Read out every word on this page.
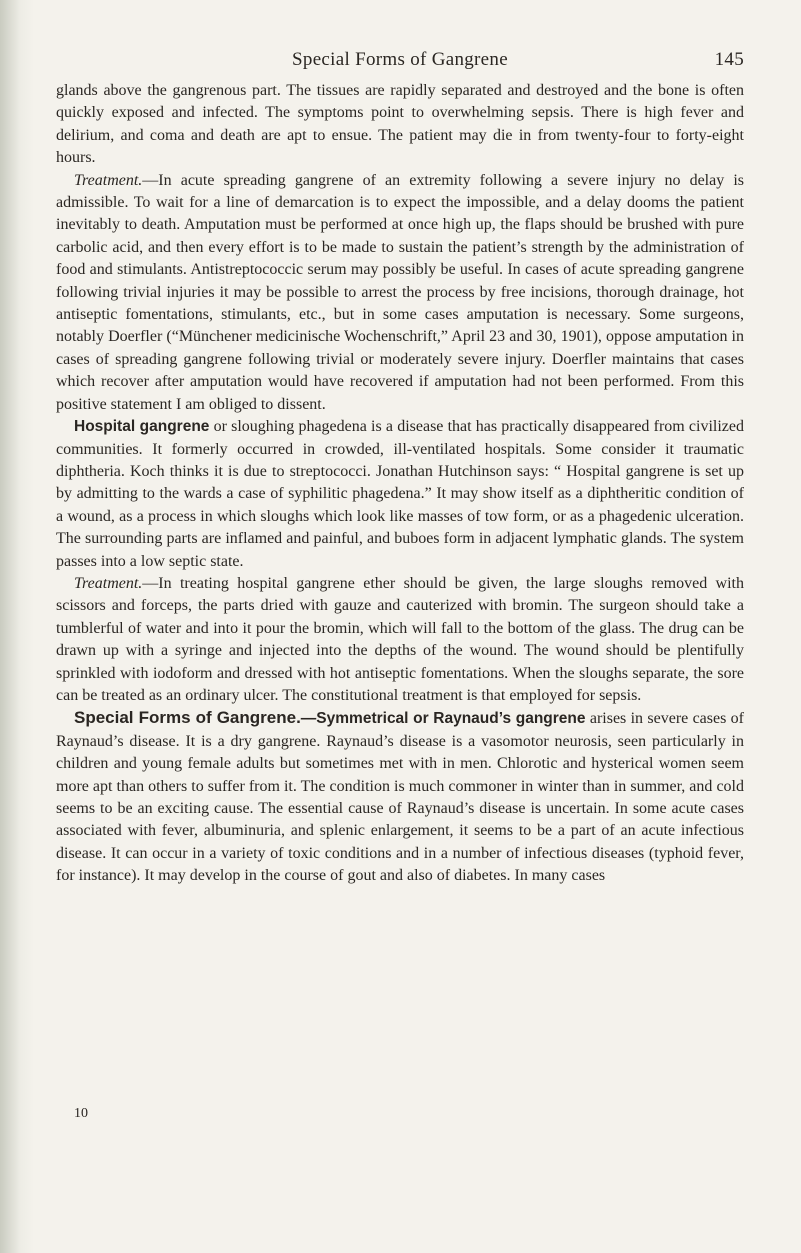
Special Forms of Gangrene	145

glands above the gangrenous part. The tissues are rapidly separated and destroyed and the bone is often quickly exposed and infected. The symptoms point to overwhelming sepsis. There is high fever and delirium, and coma and death are apt to ensue. The patient may die in from twenty-four to forty-eight hours.

Treatment.—In acute spreading gangrene of an extremity following a severe injury no delay is admissible. To wait for a line of demarcation is to expect the impossible, and a delay dooms the patient inevitably to death. Amputation must be performed at once high up, the flaps should be brushed with pure carbolic acid, and then every effort is to be made to sustain the patient’s strength by the administration of food and stimulants. Antistreptococcic serum may possibly be useful. In cases of acute spreading gangrene following trivial injuries it may be possible to arrest the process by free incisions, thorough drainage, hot antiseptic fomentations, stimulants, etc., but in some cases amputation is necessary. Some surgeons, notably Doerfler (“Münchener medicinische Wochenschrift,” April 23 and 30, 1901), oppose amputation in cases of spreading gangrene following trivial or moderately severe injury. Doerfler maintains that cases which recover after amputation would have recovered if amputation had not been performed. From this positive statement I am obliged to dissent.

Hospital gangrene or sloughing phagedena is a disease that has practically disappeared from civilized communities. It formerly occurred in crowded, ill-ventilated hospitals. Some consider it traumatic diphtheria. Koch thinks it is due to streptococci. Jonathan Hutchinson says: “ Hospital gangrene is set up by admitting to the wards a case of syphilitic phagedena.” It may show itself as a diphtheritic condition of a wound, as a process in which sloughs which look like masses of tow form, or as a phagedenic ulceration. The surrounding parts are inflamed and painful, and buboes form in adjacent lymphatic glands. The system passes into a low septic state.

Treatment.—In treating hospital gangrene ether should be given, the large sloughs removed with scissors and forceps, the parts dried with gauze and cauterized with bromin. The surgeon should take a tumblerful of water and into it pour the bromin, which will fall to the bottom of the glass. The drug can be drawn up with a syringe and injected into the depths of the wound. The wound should be plentifully sprinkled with iodoform and dressed with hot antiseptic fomentations. When the sloughs separate, the sore can be treated as an ordinary ulcer. The constitutional treatment is that employed for sepsis.

Special Forms of Gangrene.—Symmetrical or Raynaud’s gangrene arises in severe cases of Raynaud’s disease. It is a dry gangrene. Raynaud’s disease is a vasomotor neurosis, seen particularly in children and young female adults but sometimes met with in men. Chlorotic and hysterical women seem more apt than others to suffer from it. The condition is much commoner in winter than in summer, and cold seems to be an exciting cause. The essential cause of Raynaud’s disease is uncertain. In some acute cases associated with fever, albuminuria, and splenic enlargement, it seems to be a part of an acute infectious disease. It can occur in a variety of toxic conditions and in a number of infectious diseases (typhoid fever, for instance). It may develop in the course of gout and also of diabetes. In many cases

10
